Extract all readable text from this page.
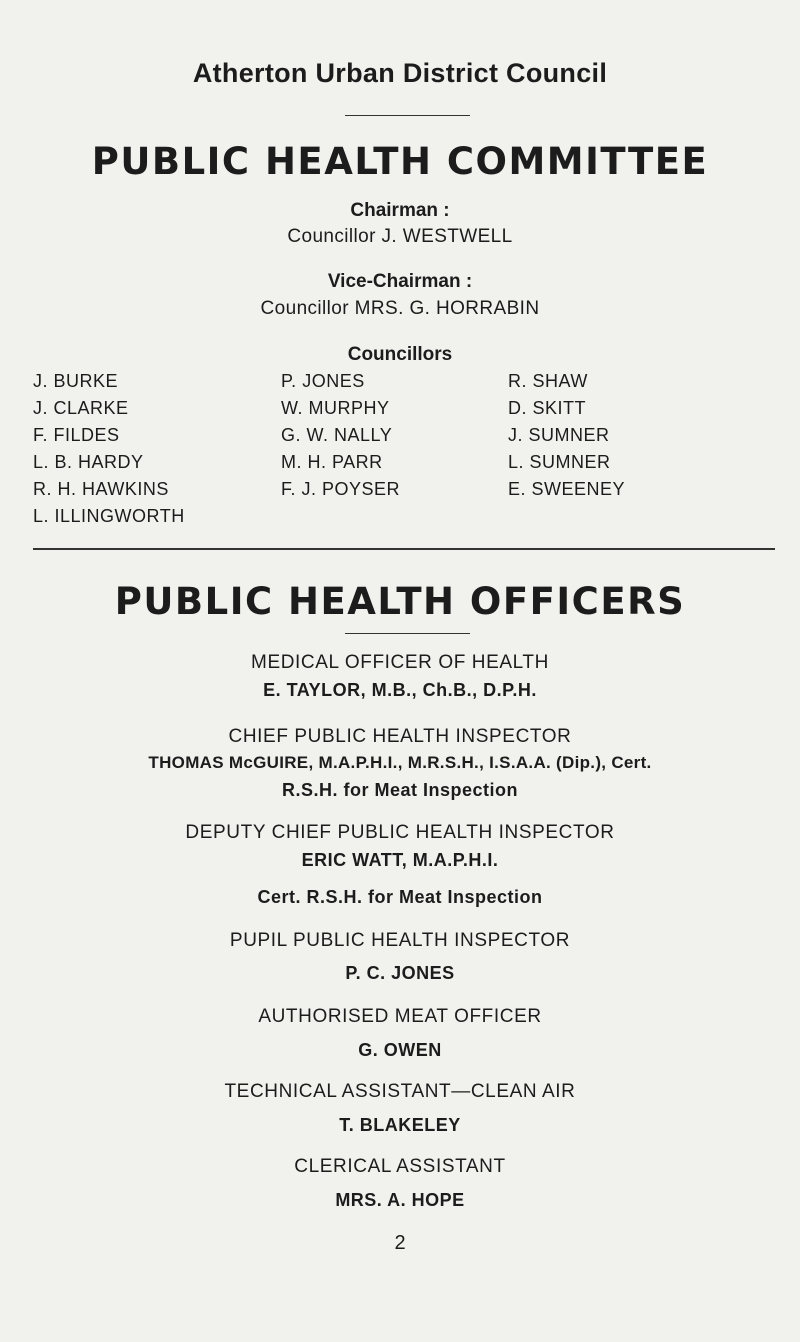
Atherton Urban District Council
PUBLIC HEALTH COMMITTEE
Chairman :
Councillor J. WESTWELL
Vice-Chairman :
Councillor MRS. G. HORRABIN
Councillors
J. BURKE
J. CLARKE
F. FILDES
L. B. HARDY
R. H. HAWKINS
L. ILLINGWORTH
P. JONES
W. MURPHY
G. W. NALLY
M. H. PARR
F. J. POYSER
R. SHAW
D. SKITT
J. SUMNER
L. SUMNER
E. SWEENEY
PUBLIC HEALTH OFFICERS
MEDICAL OFFICER OF HEALTH
E. TAYLOR, M.B., Ch.B., D.P.H.
CHIEF PUBLIC HEALTH INSPECTOR
THOMAS McGUIRE, M.A.P.H.I., M.R.S.H., I.S.A.A. (Dip.), Cert.
R.S.H. for Meat Inspection
DEPUTY CHIEF PUBLIC HEALTH INSPECTOR
ERIC WATT, M.A.P.H.I.
Cert. R.S.H. for Meat Inspection
PUPIL PUBLIC HEALTH INSPECTOR
P. C. JONES
AUTHORISED MEAT OFFICER
G. OWEN
TECHNICAL ASSISTANT—CLEAN AIR
T. BLAKELEY
CLERICAL ASSISTANT
MRS. A. HOPE
2
